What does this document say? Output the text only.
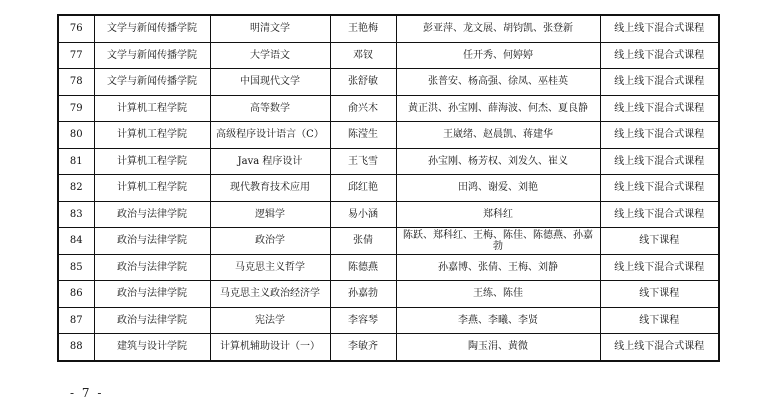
76	文学与新闻传播学院	明清文学	王艳梅	彭亚萍、龙文展、胡钧凯、张登新	线上线下混合式课程
77	文学与新闻传播学院	大学语文	邓钗	任开秀、何婷婷	线上线下混合式课程
78	文学与新闻传播学院	中国现代文学	张舒敏	张普安、杨高强、徐凤、巫桂英	线上线下混合式课程
79	计算机工程学院	高等数学	俞兴木	黄正洪、孙宝刚、薛海波、何杰、夏良静	线上线下混合式课程
80	计算机工程学院	高级程序设计语言（C）	陈滢生	王崴绪、赵晨凯、蒋建华	线上线下混合式课程
81	计算机工程学院	Java 程序设计	王飞雪	孙宝刚、杨芳权、刘发久、崔义	线上线下混合式课程
82	计算机工程学院	现代教育技术应用	邱红艳	田鸿、谢爱、刘艳	线上线下混合式课程
83	政治与法律学院	逻辑学	易小涵	郑科红	线上线下混合式课程
84	政治与法律学院	政治学	张倩	陈跃、郑科红、王梅、陈佳、陈德燕、孙嘉勃	线下课程
85	政治与法律学院	马克思主义哲学	陈德燕	孙嘉博、张倩、王梅、刘静	线上线下混合式课程
86	政治与法律学院	马克思主义政治经济学	孙嘉勃	王练、陈佳	线下课程
87	政治与法律学院	宪法学	李容琴	李燕、李曦、李贤	线下课程
88	建筑与设计学院	计算机辅助设计（一）	李敏齐	陶玉涓、黄微	线上线下混合式课程
- 7 -
